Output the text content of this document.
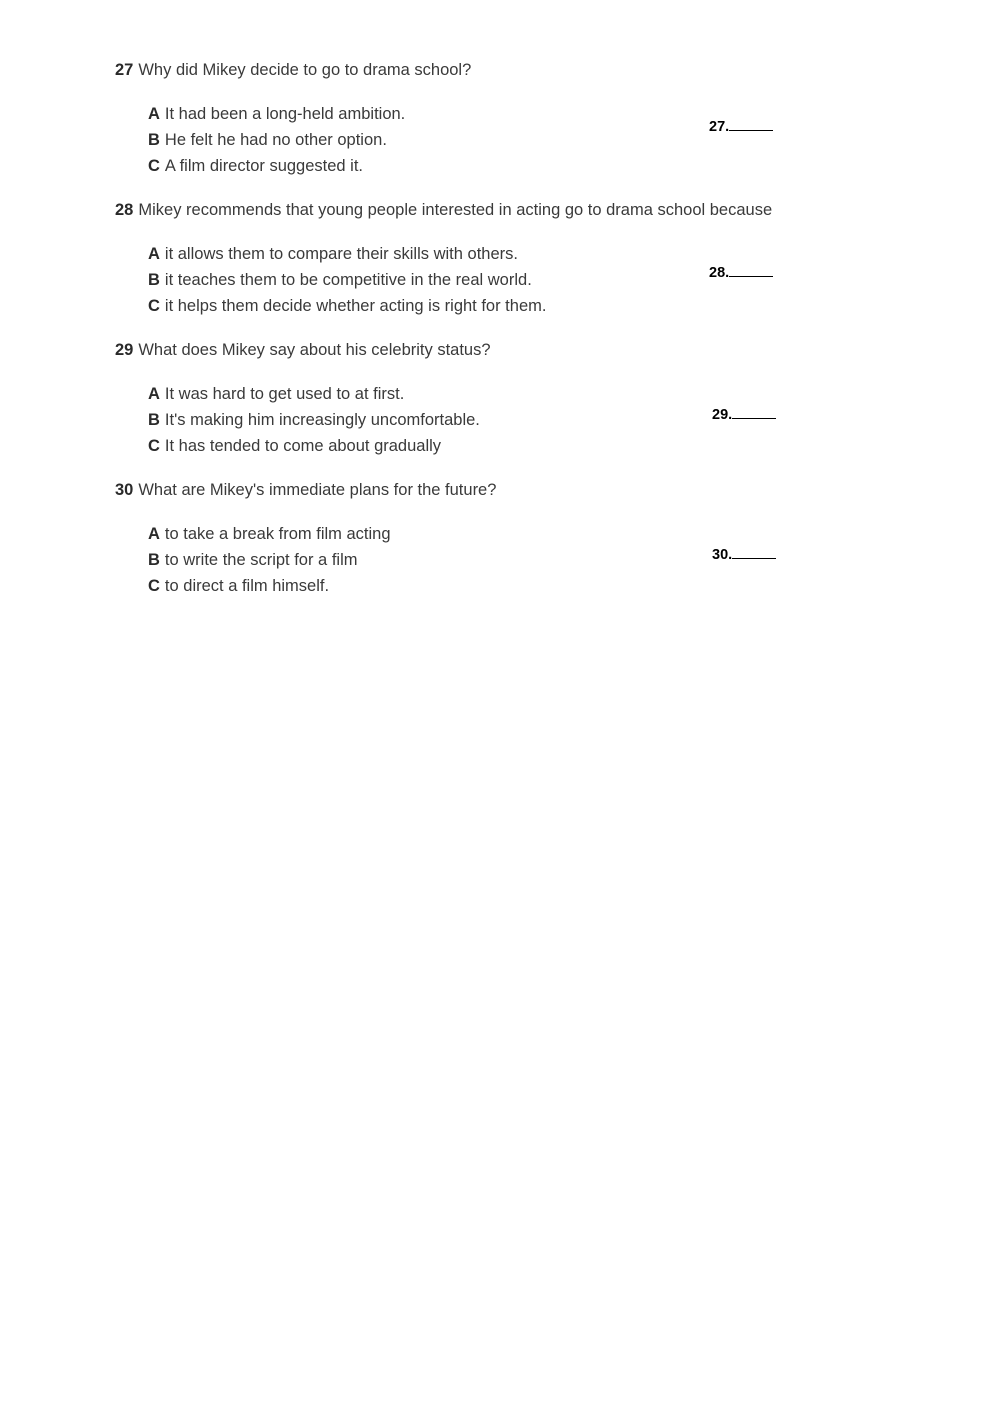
27 Why did Mikey decide to go to drama school?
A It had been a long-held ambition.
B He felt he had no other option.
C A film director suggested it.
27.
28 Mikey recommends that young people interested in acting go to drama school because
A it allows them to compare their skills with others.
B it teaches them to be competitive in the real world.
C it helps them decide whether acting is right for them.
28.
29 What does Mikey say about his celebrity status?
A It was hard to get used to at first.
B It's making him increasingly uncomfortable.
C It has tended to come about gradually
29.
30 What are Mikey's immediate plans for the future?
A to take a break from film acting
B to write the script for a film
C to direct a film himself.
30.
